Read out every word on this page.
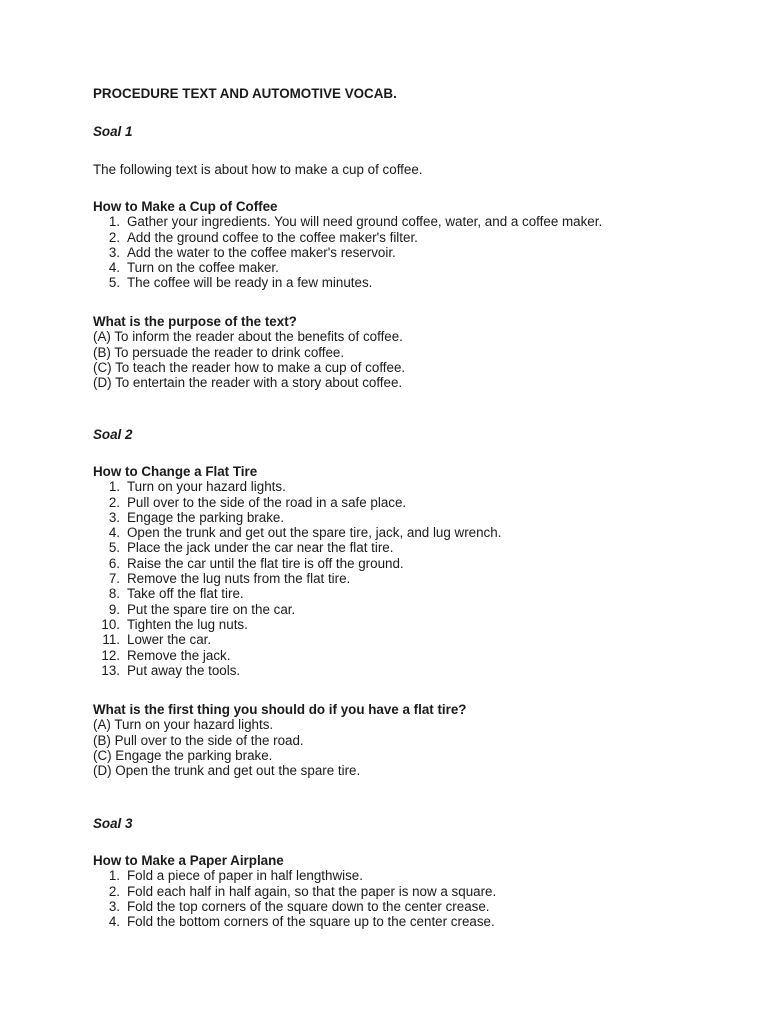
PROCEDURE TEXT AND AUTOMOTIVE VOCAB.
Soal 1
The following text is about how to make a cup of coffee.
How to Make a Cup of Coffee
1. Gather your ingredients. You will need ground coffee, water, and a coffee maker.
2. Add the ground coffee to the coffee maker's filter.
3. Add the water to the coffee maker's reservoir.
4. Turn on the coffee maker.
5. The coffee will be ready in a few minutes.
What is the purpose of the text?
(A) To inform the reader about the benefits of coffee.
(B) To persuade the reader to drink coffee.
(C) To teach the reader how to make a cup of coffee.
(D) To entertain the reader with a story about coffee.
Soal 2
How to Change a Flat Tire
1. Turn on your hazard lights.
2. Pull over to the side of the road in a safe place.
3. Engage the parking brake.
4. Open the trunk and get out the spare tire, jack, and lug wrench.
5. Place the jack under the car near the flat tire.
6. Raise the car until the flat tire is off the ground.
7. Remove the lug nuts from the flat tire.
8. Take off the flat tire.
9. Put the spare tire on the car.
10. Tighten the lug nuts.
11. Lower the car.
12. Remove the jack.
13. Put away the tools.
What is the first thing you should do if you have a flat tire?
(A) Turn on your hazard lights.
(B) Pull over to the side of the road.
(C) Engage the parking brake.
(D) Open the trunk and get out the spare tire.
Soal 3
How to Make a Paper Airplane
1. Fold a piece of paper in half lengthwise.
2. Fold each half in half again, so that the paper is now a square.
3. Fold the top corners of the square down to the center crease.
4. Fold the bottom corners of the square up to the center crease.
